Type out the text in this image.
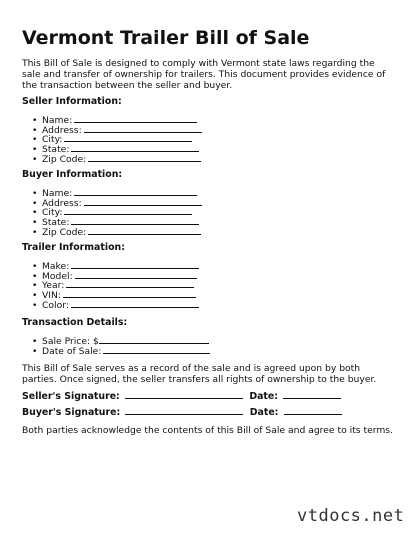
Vermont Trailer Bill of Sale

This Bill of Sale is designed to comply with Vermont state laws regarding the sale and transfer of ownership for trailers. This document provides evidence of the transaction between the seller and buyer.

Seller Information:

• Name:
• Address:
• City:
• State:
• Zip Code:

Buyer Information:

• Name:
• Address:
• City:
• State:
• Zip Code:

Trailer Information:

• Make:
• Model:
• Year:
• VIN:
• Color:

Transaction Details:

• Sale Price: $
• Date of Sale:

This Bill of Sale serves as a record of the sale and is agreed upon by both parties. Once signed, the seller transfers all rights of ownership to the buyer.

Seller's Signature:	Date:

Buyer's Signature:	Date:

Both parties acknowledge the contents of this Bill of Sale and agree to its terms.

vtdocs.net
